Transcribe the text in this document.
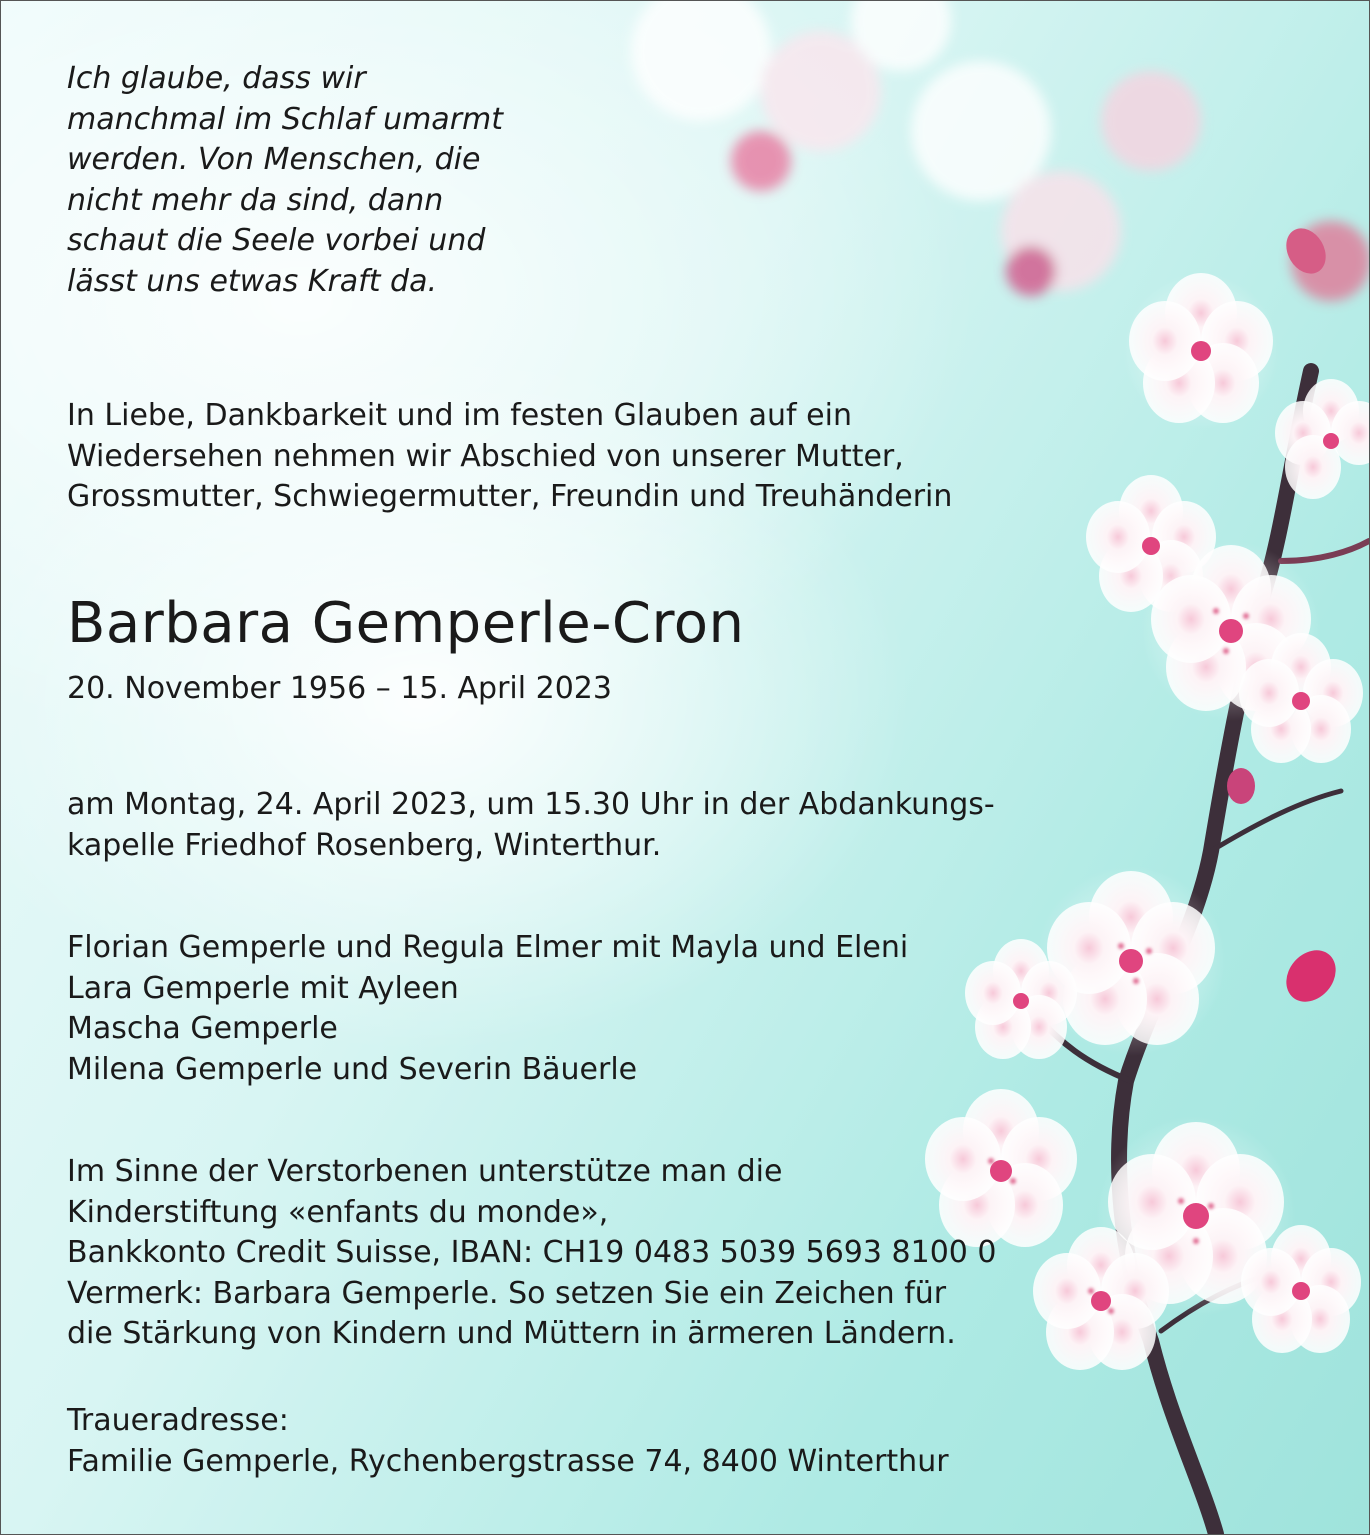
Ich glaube, dass wir
manchmal im Schlaf umarmt
werden. Von Menschen, die
nicht mehr da sind, dann
schaut die Seele vorbei und
lässt uns etwas Kraft da.

In Liebe, Dankbarkeit und im festen Glauben auf ein
Wiedersehen nehmen wir Abschied von unserer Mutter,
Grossmutter, Schwiegermutter, Freundin und Treuhänderin

Barbara Gemperle-Cron

20. November 1956 – 15. April 2023

am Montag, 24. April 2023, um 15.30 Uhr in der Abdankungs-
kapelle Friedhof Rosenberg, Winterthur.

Florian Gemperle und Regula Elmer mit Mayla und Eleni
Lara Gemperle mit Ayleen
Mascha Gemperle
Milena Gemperle und Severin Bäuerle

Im Sinne der Verstorbenen unterstütze man die
Kinderstiftung «enfants du monde»,
Bankkonto Credit Suisse, IBAN: CH19 0483 5039 5693 8100 0
Vermerk: Barbara Gemperle. So setzen Sie ein Zeichen für
die Stärkung von Kindern und Müttern in ärmeren Ländern.

Traueradresse:
Familie Gemperle, Rychenbergstrasse 74, 8400 Winterthur
